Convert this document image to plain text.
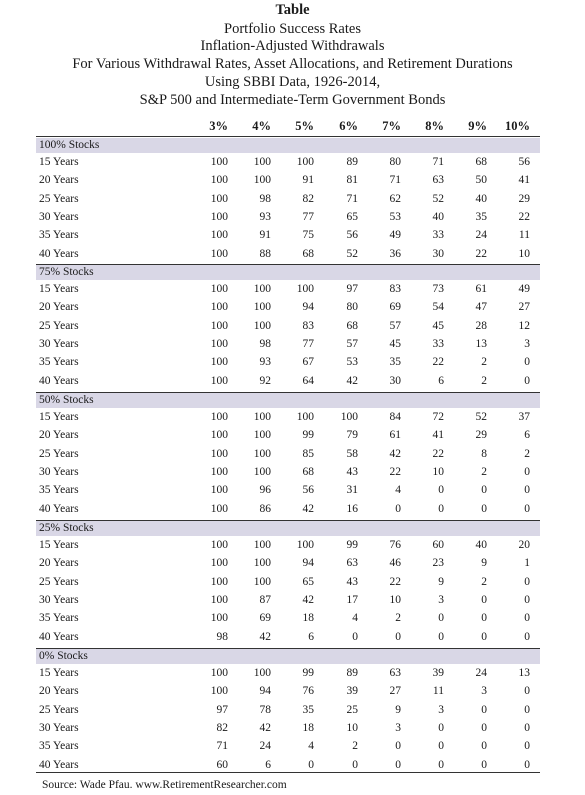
Table
Portfolio Success Rates
Inflation-Adjusted Withdrawals
For Various Withdrawal Rates, Asset Allocations, and Retirement Durations
Using SBBI Data, 1926-2014,
S&P 500 and Intermediate-Term Government Bonds
3%	4%	5%	6%	7%	8%	9%	10%
100% Stocks
15 Years	100	100	100	89	80	71	68	56
20 Years	100	100	91	81	71	63	50	41
25 Years	100	98	82	71	62	52	40	29
30 Years	100	93	77	65	53	40	35	22
35 Years	100	91	75	56	49	33	24	11
40 Years	100	88	68	52	36	30	22	10
75% Stocks
15 Years	100	100	100	97	83	73	61	49
20 Years	100	100	94	80	69	54	47	27
25 Years	100	100	83	68	57	45	28	12
30 Years	100	98	77	57	45	33	13	3
35 Years	100	93	67	53	35	22	2	0
40 Years	100	92	64	42	30	6	2	0
50% Stocks
15 Years	100	100	100	100	84	72	52	37
20 Years	100	100	99	79	61	41	29	6
25 Years	100	100	85	58	42	22	8	2
30 Years	100	100	68	43	22	10	2	0
35 Years	100	96	56	31	4	0	0	0
40 Years	100	86	42	16	0	0	0	0
25% Stocks
15 Years	100	100	100	99	76	60	40	20
20 Years	100	100	94	63	46	23	9	1
25 Years	100	100	65	43	22	9	2	0
30 Years	100	87	42	17	10	3	0	0
35 Years	100	69	18	4	2	0	0	0
40 Years	98	42	6	0	0	0	0	0
0% Stocks
15 Years	100	100	99	89	63	39	24	13
20 Years	100	94	76	39	27	11	3	0
25 Years	97	78	35	25	9	3	0	0
30 Years	82	42	18	10	3	0	0	0
35 Years	71	24	4	2	0	0	0	0
40 Years	60	6	0	0	0	0	0	0
Source: Wade Pfau. www.RetirementResearcher.com
